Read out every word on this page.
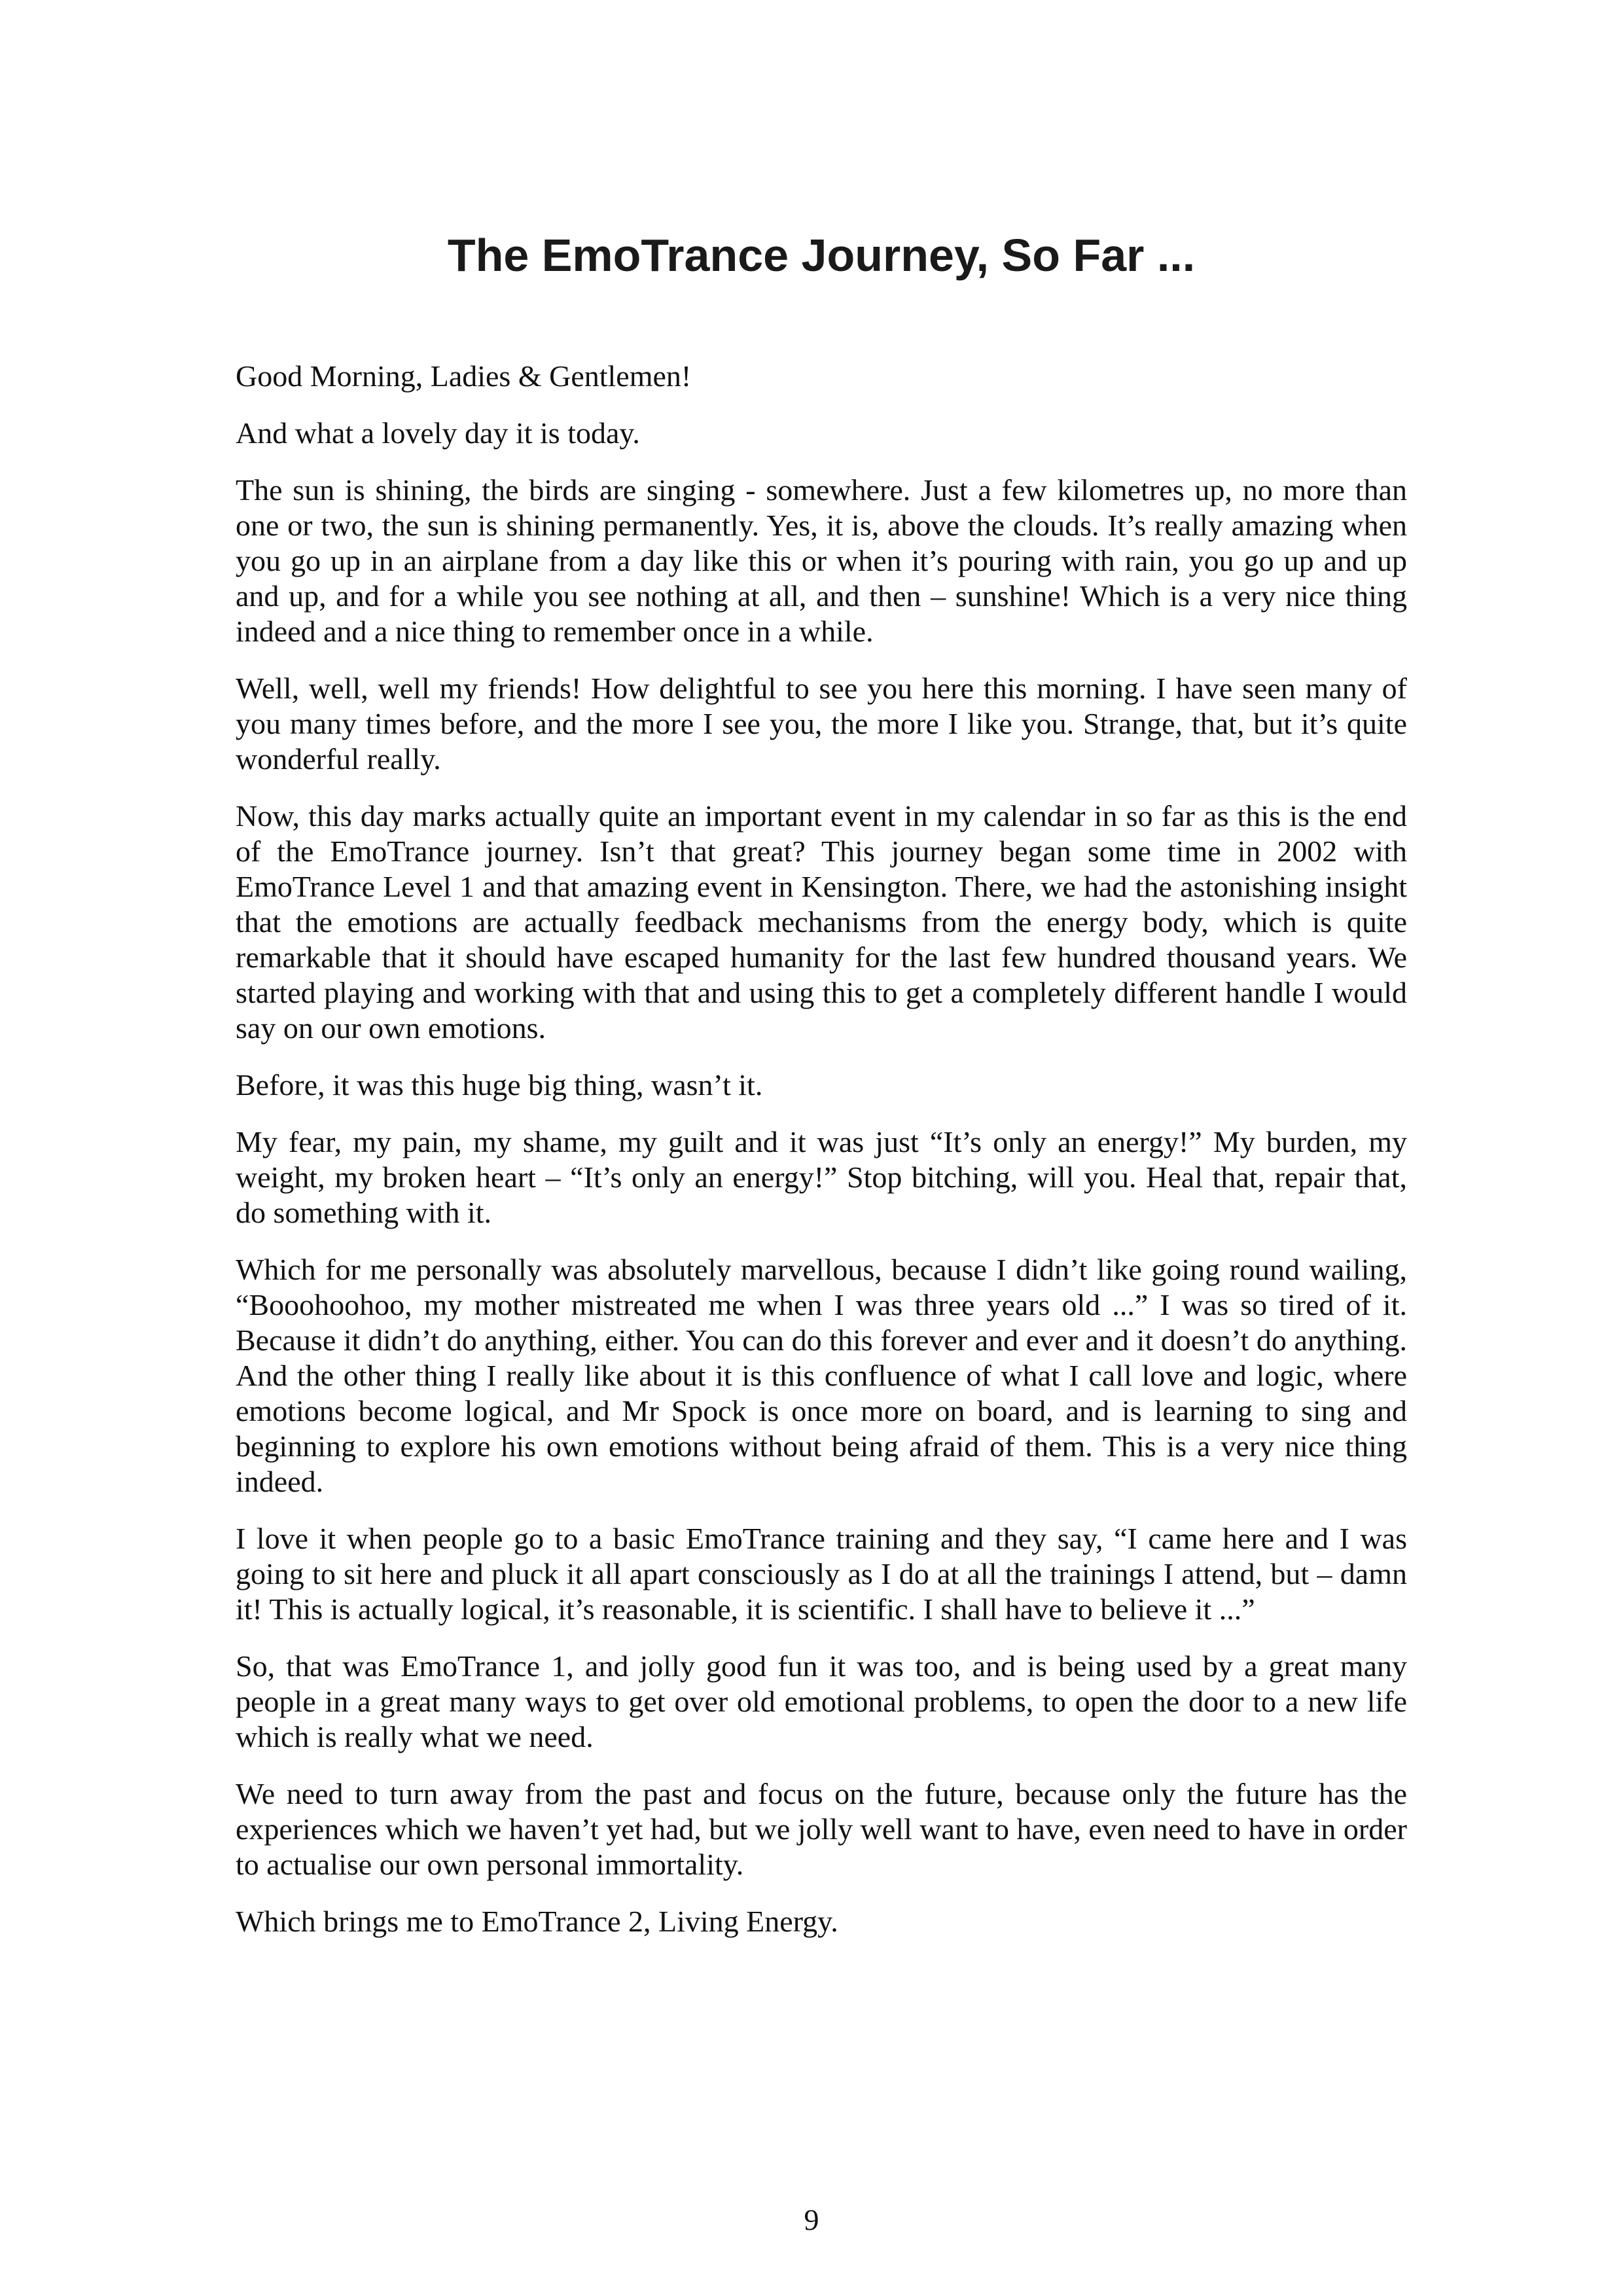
The EmoTrance Journey, So Far ...

Good Morning, Ladies & Gentlemen!

And what a lovely day it is today.

The sun is shining, the birds are singing - somewhere. Just a few kilometres up, no more than one or two, the sun is shining permanently. Yes, it is, above the clouds. It’s really amazing when you go up in an airplane from a day like this or when it’s pouring with rain, you go up and up and up, and for a while you see nothing at all, and then – sunshine! Which is a very nice thing indeed and a nice thing to remember once in a while.

Well, well, well my friends! How delightful to see you here this morning. I have seen many of you many times before, and the more I see you, the more I like you. Strange, that, but it’s quite wonderful really.

Now, this day marks actually quite an important event in my calendar in so far as this is the end of the EmoTrance journey. Isn’t that great? This journey began some time in 2002 with EmoTrance Level 1 and that amazing event in Kensington. There, we had the astonishing insight that the emotions are actually feedback mechanisms from the energy body, which is quite remarkable that it should have escaped humanity for the last few hundred thousand years. We started playing and working with that and using this to get a completely different handle I would say on our own emotions.

Before, it was this huge big thing, wasn’t it.

My fear, my pain, my shame, my guilt and it was just “It’s only an energy!” My burden, my weight, my broken heart – “It’s only an energy!” Stop bitching, will you. Heal that, repair that, do something with it.

Which for me personally was absolutely marvellous, because I didn’t like going round wailing, “Booohoohoo, my mother mistreated me when I was three years old ...” I was so tired of it. Because it didn’t do anything, either. You can do this forever and ever and it doesn’t do anything. And the other thing I really like about it is this confluence of what I call love and logic, where emotions become logical, and Mr Spock is once more on board, and is learning to sing and beginning to explore his own emotions without being afraid of them. This is a very nice thing indeed.

I love it when people go to a basic EmoTrance training and they say, “I came here and I was going to sit here and pluck it all apart consciously as I do at all the trainings I attend, but – damn it! This is actually logical, it’s reasonable, it is scientific. I shall have to believe it ...”

So, that was EmoTrance 1, and jolly good fun it was too, and is being used by a great many people in a great many ways to get over old emotional problems, to open the door to a new life which is really what we need.

We need to turn away from the past and focus on the future, because only the future has the experiences which we haven’t yet had, but we jolly well want to have, even need to have in order to actualise our own personal immortality.

Which brings me to EmoTrance 2, Living Energy.

9
